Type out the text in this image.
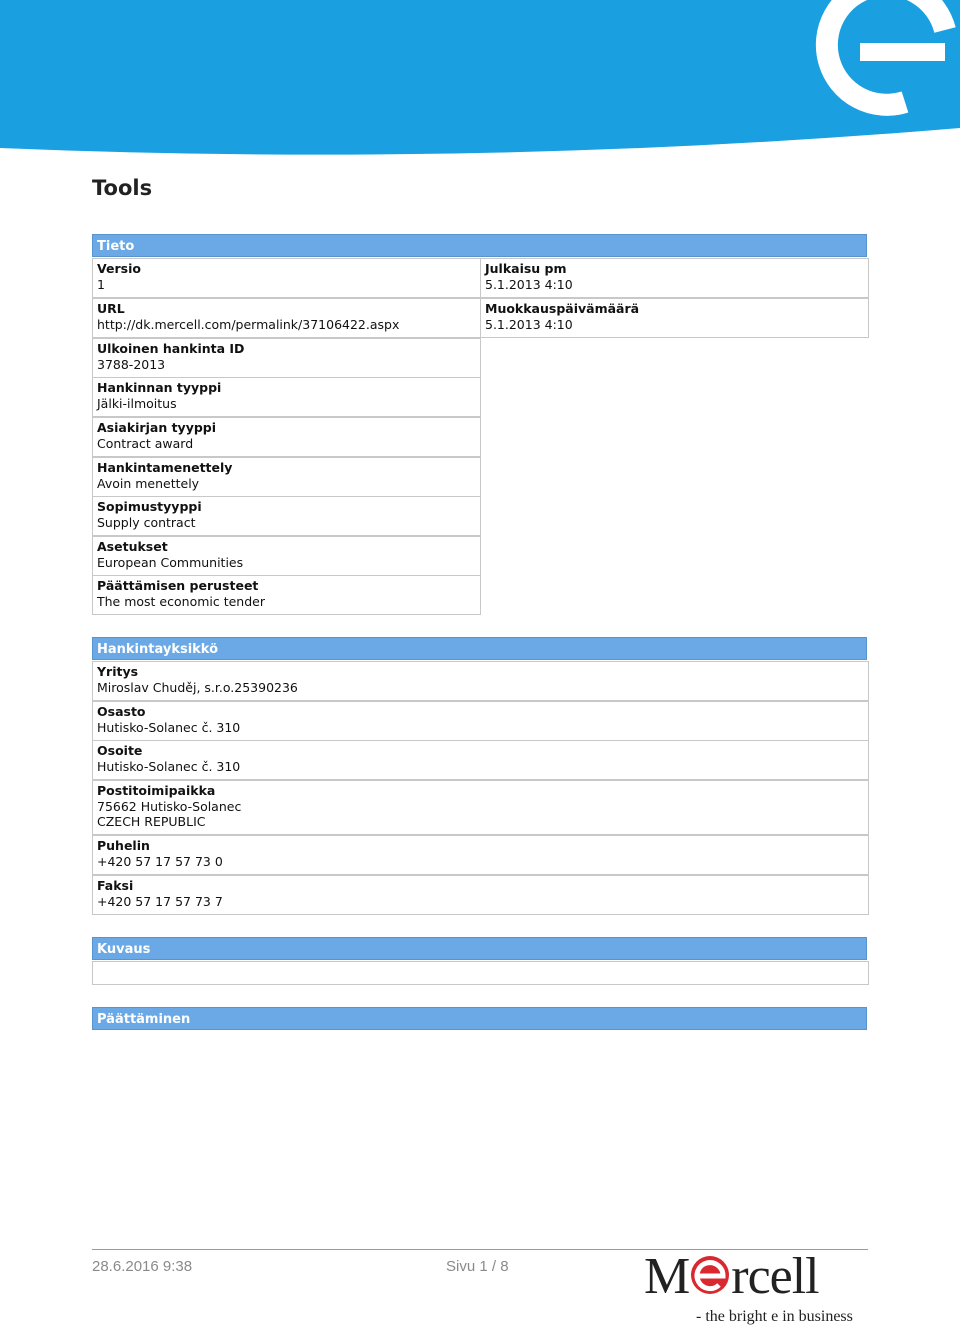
Tools
Tieto
Versio
1
URL
http://dk.mercell.com/permalink/37106422.aspx
Ulkoinen hankinta ID
3788-2013
Hankinnan tyyppi
Jälki-ilmoitus
Asiakirjan tyyppi
Contract award
Hankintamenettely
Avoin menettely
Sopimustyyppi
Supply contract
Asetukset
European Communities
Päättämisen perusteet
The most economic tender
Julkaisu pm
5.1.2013 4:10
Muokkauspäivämäärä
5.1.2013 4:10
Hankintayksikkö
Yritys
Miroslav Chuděj, s.r.o.25390236
Osasto
Hutisko-Solanec č. 310
Osoite
Hutisko-Solanec č. 310
Postitoimipaikka
75662 Hutisko-Solanec
CZECH REPUBLIC
Puhelin
+420 57 17 57 73 0
Faksi
+420 57 17 57 73 7
Kuvaus
Päättäminen
28.6.2016 9:38	Sivu 1 / 8	M rcell
- the bright e in business
